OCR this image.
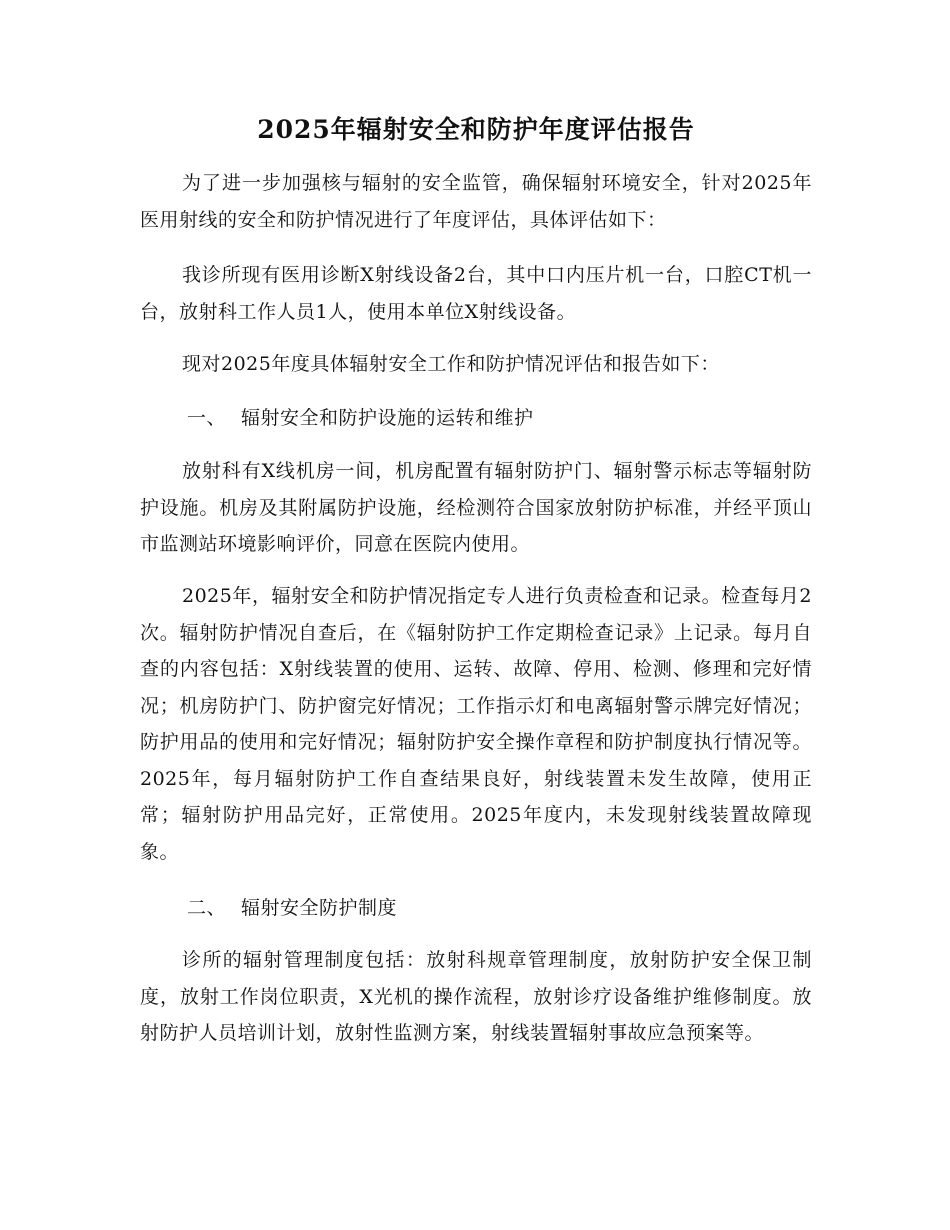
2025年辐射安全和防护年度评估报告

为了进一步加强核与辐射的安全监管，确保辐射环境安全，针对2025年医用射线的安全和防护情况进行了年度评估，具体评估如下：

我诊所现有医用诊断X射线设备2台，其中口内压片机一台，口腔CT机一台，放射科工作人员1人，使用本单位X射线设备。

现对2025年度具体辐射安全工作和防护情况评估和报告如下：

一、 辐射安全和防护设施的运转和维护

放射科有X线机房一间，机房配置有辐射防护门、辐射警示标志等辐射防护设施。机房及其附属防护设施，经检测符合国家放射防护标准，并经平顶山市监测站环境影响评价，同意在医院内使用。

2025年，辐射安全和防护情况指定专人进行负责检查和记录。检查每月2次。辐射防护情况自查后，在《辐射防护工作定期检查记录》上记录。每月自查的内容包括：X射线装置的使用、运转、故障、停用、检测、修理和完好情况；机房防护门、防护窗完好情况；工作指示灯和电离辐射警示牌完好情况；防护用品的使用和完好情况；辐射防护安全操作章程和防护制度执行情况等。2025年，每月辐射防护工作自查结果良好，射线装置未发生故障，使用正常；辐射防护用品完好，正常使用。2025年度内，未发现射线装置故障现象。

二、 辐射安全防护制度

诊所的辐射管理制度包括：放射科规章管理制度，放射防护安全保卫制度，放射工作岗位职责，X光机的操作流程，放射诊疗设备维护维修制度。放射防护人员培训计划，放射性监测方案，射线装置辐射事故应急预案等。
